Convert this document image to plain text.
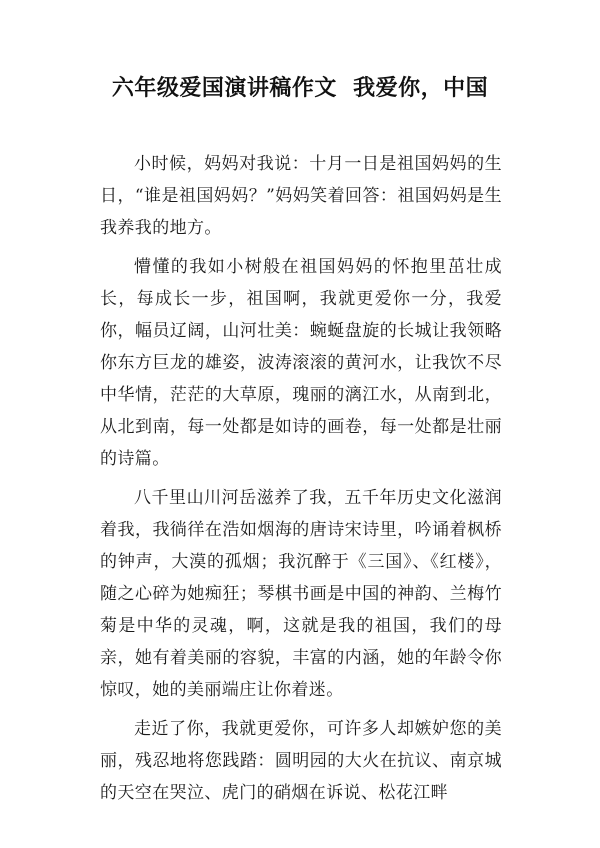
六年级爱国演讲稿作文  我爱你，中国

小时候，妈妈对我说：十月一日是祖国妈妈的生日，“谁是祖国妈妈？”妈妈笑着回答：祖国妈妈是生我养我的地方。

懵懂的我如小树般在祖国妈妈的怀抱里茁壮成长，每成长一步，祖国啊，我就更爱你一分，我爱你，幅员辽阔，山河壮美：蜿蜒盘旋的长城让我领略你东方巨龙的雄姿，波涛滚滚的黄河水，让我饮不尽中华情，茫茫的大草原，瑰丽的漓江水，从南到北，从北到南，每一处都是如诗的画卷，每一处都是壮丽的诗篇。

八千里山川河岳滋养了我，五千年历史文化滋润着我，我徜徉在浩如烟海的唐诗宋诗里，吟诵着枫桥的钟声，大漠的孤烟；我沉醉于《三国》、《红楼》，随之心碎为她痴狂；琴棋书画是中国的神韵、兰梅竹菊是中华的灵魂，啊，这就是我的祖国，我们的母亲，她有着美丽的容貌，丰富的内涵，她的年龄令你惊叹，她的美丽端庄让你着迷。

走近了你，我就更爱你，可许多人却嫉妒您的美丽，残忍地将您践踏：圆明园的大火在抗议、南京城的天空在哭泣、虎门的硝烟在诉说、松花江畔
